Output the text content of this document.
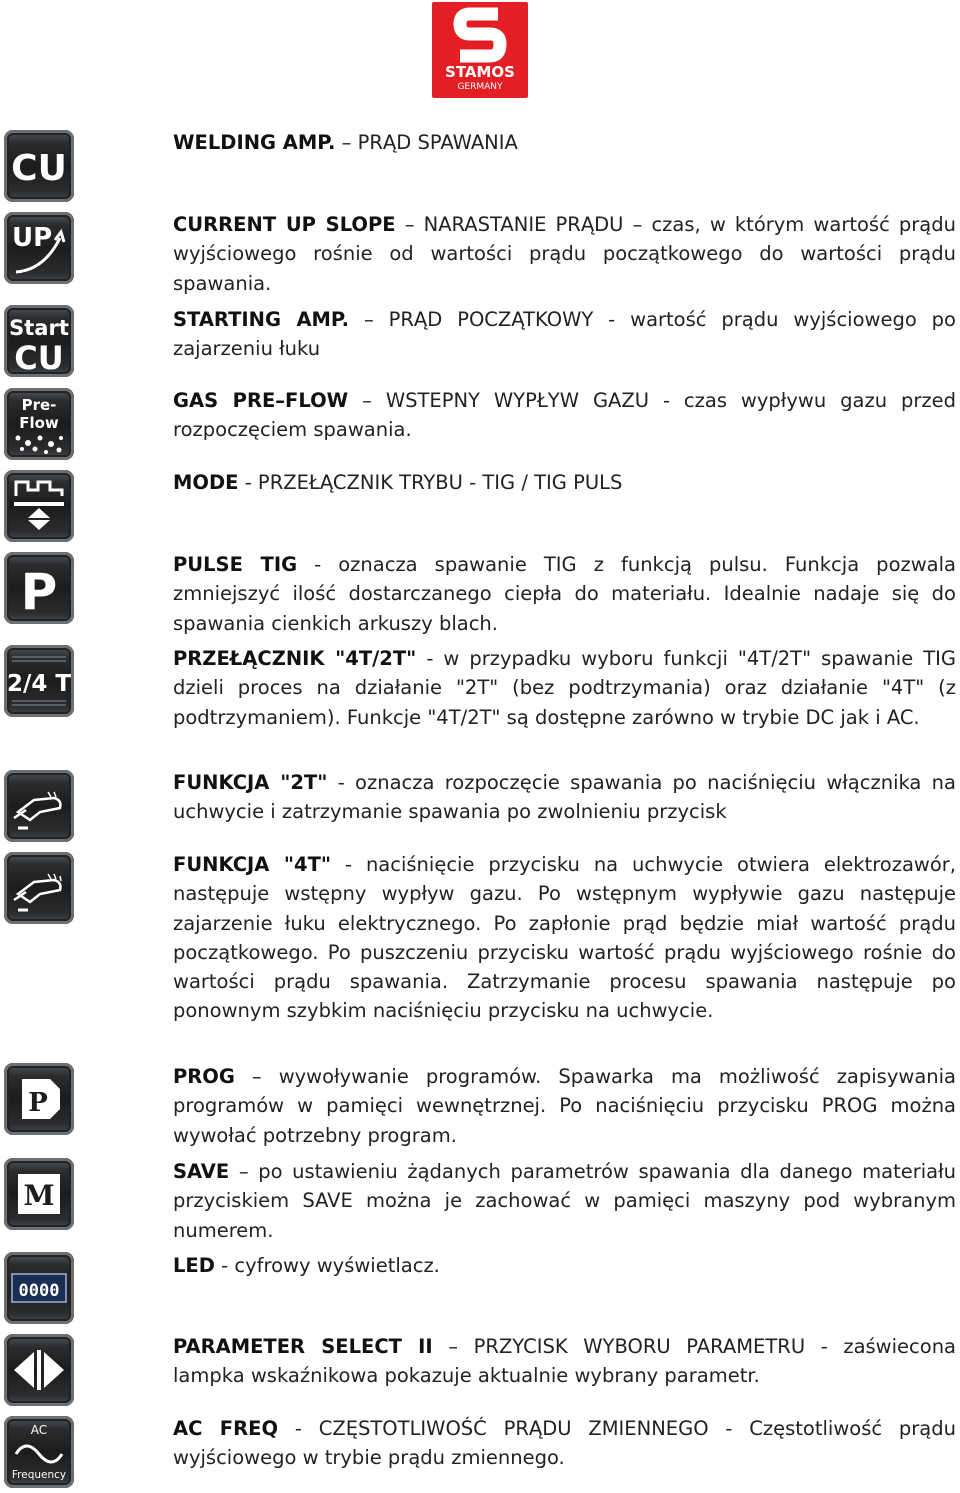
STAMOS
GERMANY
CU
UP
Start
CU
Pre-
Flow
P
2/4 T
P
M
0000
AC
Frequency
WELDING AMP. – PRĄD SPAWANIA
CURRENT UP SLOPE – NARASTANIE PRĄDU – czas, w którym wartość prądu wyjściowego rośnie od wartości prądu początkowego do wartości prądu spawania.
STARTING AMP. – PRĄD POCZĄTKOWY - wartość prądu wyjściowego po zajarzeniu łuku
GAS PRE–FLOW – WSTEPNY WYPŁYW GAZU - czas wypływu gazu przed rozpoczęciem spawania.
MODE - PRZEŁĄCZNIK TRYBU - TIG / TIG PULS
PULSE TIG - oznacza spawanie TIG z funkcją pulsu. Funkcja pozwala zmniejszyć ilość dostarczanego ciepła do materiału. Idealnie nadaje się do spawania cienkich arkuszy blach.
PRZEŁĄCZNIK "4T/2T" - w przypadku wyboru funkcji "4T/2T" spawanie TIG dzieli proces na działanie "2T" (bez podtrzymania) oraz działanie "4T" (z podtrzymaniem). Funkcje "4T/2T" są dostępne zarówno w trybie DC jak i AC.
FUNKCJA "2T" - oznacza rozpoczęcie spawania po naciśnięciu włącznika na uchwycie i zatrzymanie spawania po zwolnieniu przycisk
FUNKCJA "4T" - naciśnięcie przycisku na uchwycie otwiera elektrozawór, następuje wstępny wypływ gazu. Po wstępnym wypływie gazu następuje zajarzenie łuku elektrycznego. Po zapłonie prąd będzie miał wartość prądu początkowego. Po puszczeniu przycisku wartość prądu wyjściowego rośnie do wartości prądu spawania. Zatrzymanie procesu spawania następuje po ponownym szybkim naciśnięciu przycisku na uchwycie.
PROG – wywoływanie programów. Spawarka ma możliwość zapisywania programów w pamięci wewnętrznej. Po naciśnięciu przycisku PROG można wywołać potrzebny program.
SAVE – po ustawieniu żądanych parametrów spawania dla danego materiału przyciskiem SAVE można je zachować w pamięci maszyny pod wybranym numerem.
LED - cyfrowy wyświetlacz.
PARAMETER SELECT II – PRZYCISK WYBORU PARAMETRU - zaświecona lampka wskaźnikowa pokazuje aktualnie wybrany parametr.
AC FREQ - CZĘSTOTLIWOŚĆ PRĄDU ZMIENNEGO - Częstotliwość prądu wyjściowego w trybie prądu zmiennego.
